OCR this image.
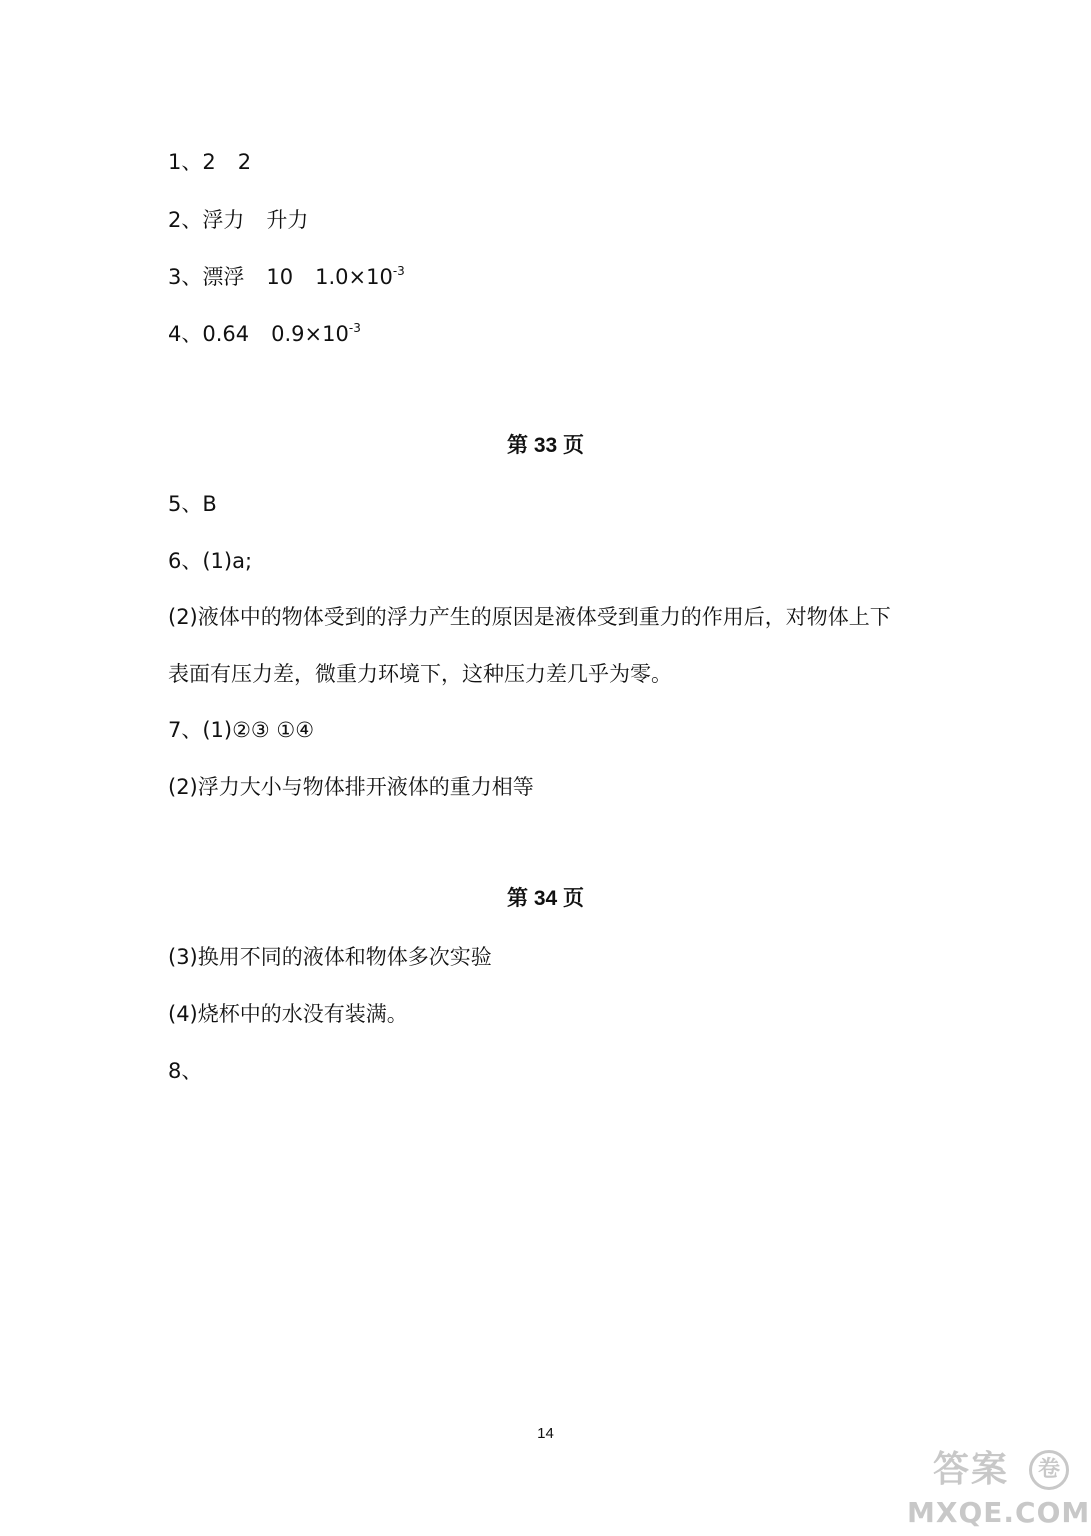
1、2 2
2、浮力 升力
3、漂浮 10 $1.0\times 10^{-3}$
4、0.64 $0.9\times 10^{-3}$
第 33 页
5、B
6、(1)a;
(2)液体中的物体受到的浮力产生的原因是液体受到重力的作用后，对物体上下
表面有压力差，微重力环境下，这种压力差几乎为零。
7、(1)②③ ①④
(2)浮力大小与物体排开液体的重力相等
第 34 页
(3)换用不同的液体和物体多次实验
(4)烧杯中的水没有装满。
8、
14
答案	卷
MXQE.COM
